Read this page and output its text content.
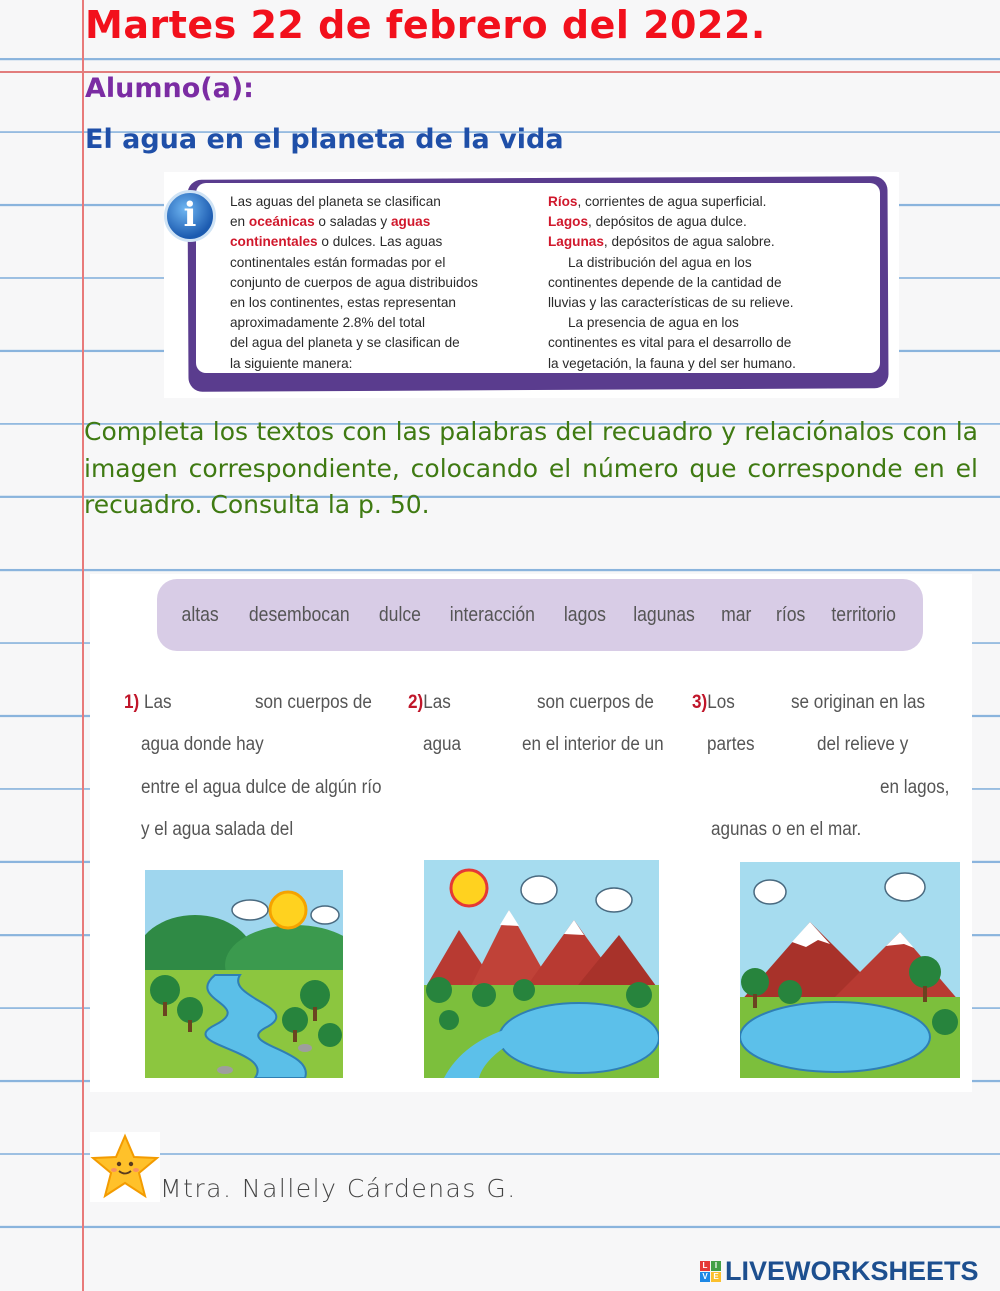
Martes 22 de febrero del 2022.
Alumno(a):
El agua en el planeta de la vida
i	Las aguas del planeta se clasifican
en oceánicas o saladas y aguas
continentales o dulces. Las aguas
continentales están formadas por el
conjunto de cuerpos de agua distribuidos
en los continentes, estas representan
aproximadamente 2.8% del total
del agua del planeta y se clasifican de
la siguiente manera:
Ríos, corrientes de agua superficial.
Lagos, depósitos de agua dulce.
Lagunas, depósitos de agua salobre.
La distribución del agua en los
continentes depende de la cantidad de
lluvias y las características de su relieve.
La presencia de agua en los
continentes es vital para el desarrollo de
la vegetación, la fauna y del ser humano.
Completa los textos con las palabras del recuadro y relaciónalos con la imagen correspondiente, colocando el número que corresponde en el recuadro. Consulta la p. 50.
altas desembocan dulce interacción lagos lagunas mar ríos territorio
1) Las	son cuerpos de
agua donde hay
entre el agua dulce de algún río
y el agua salada del
2)Las	son cuerpos de
agua	en el interior de un
3)Los	se originan en las
partes	del relieve y
en lagos,
agunas o en el mar.
Mtra. Nallely Cárdenas G.
L I
V E LIVEWORKSHEETS
